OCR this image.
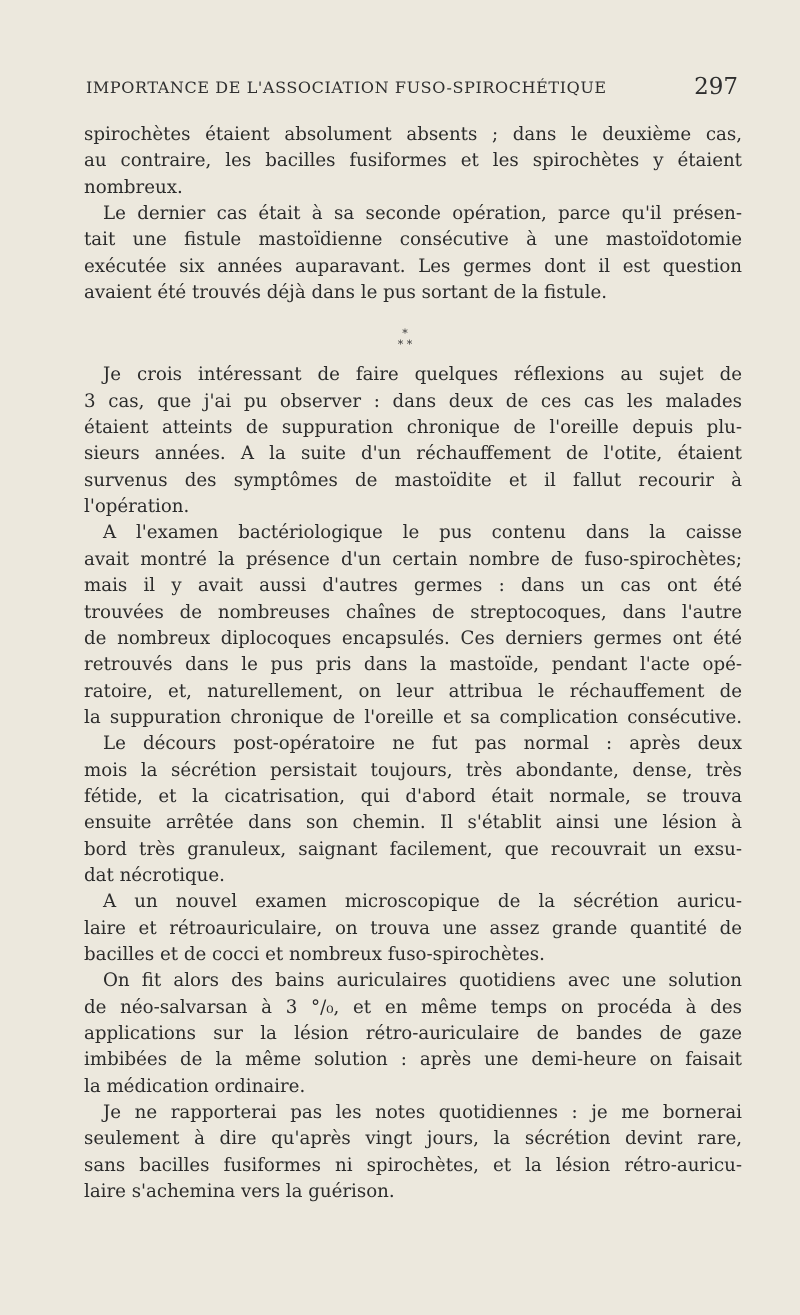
IMPORTANCE DE L'ASSOCIATION FUSO-SPIROCHÉTIQUE	297
spirochètes étaient absolument absents ; dans le deuxième cas,
au contraire, les bacilles fusiformes et les spirochètes y étaient
nombreux.
Le dernier cas était à sa seconde opération, parce qu'il présen-
tait une fistule mastoïdienne consécutive à une mastoïdotomie
exécutée six années auparavant. Les germes dont il est question
avaient été trouvés déjà dans le pus sortant de la fistule.
*
* *
Je crois intéressant de faire quelques réflexions au sujet de
3 cas, que j'ai pu observer : dans deux de ces cas les malades
étaient atteints de suppuration chronique de l'oreille depuis plu-
sieurs années. A la suite d'un réchauffement de l'otite, étaient
survenus des symptômes de mastoïdite et il fallut recourir à
l'opération.
A l'examen bactériologique le pus contenu dans la caisse
avait montré la présence d'un certain nombre de fuso-spirochètes;
mais il y avait aussi d'autres germes : dans un cas ont été
trouvées de nombreuses chaînes de streptocoques, dans l'autre
de nombreux diplocoques encapsulés. Ces derniers germes ont été
retrouvés dans le pus pris dans la mastoïde, pendant l'acte opé-
ratoire, et, naturellement, on leur attribua le réchauffement de
la suppuration chronique de l'oreille et sa complication consécutive.
Le décours post-opératoire ne fut pas normal : après deux
mois la sécrétion persistait toujours, très abondante, dense, très
fétide, et la cicatrisation, qui d'abord était normale, se trouva
ensuite arrêtée dans son chemin. Il s'établit ainsi une lésion à
bord très granuleux, saignant facilement, que recouvrait un exsu-
dat nécrotique.
A un nouvel examen microscopique de la sécrétion auricu-
laire et rétroauriculaire, on trouva une assez grande quantité de
bacilles et de cocci et nombreux fuso-spirochètes.
On fit alors des bains auriculaires quotidiens avec une solution
de néo-salvarsan à 3 °/₀, et en même temps on procéda à des
applications sur la lésion rétro-auriculaire de bandes de gaze
imbibées de la même solution : après une demi-heure on faisait
la médication ordinaire.
Je ne rapporterai pas les notes quotidiennes : je me bornerai
seulement à dire qu'après vingt jours, la sécrétion devint rare,
sans bacilles fusiformes ni spirochètes, et la lésion rétro-auricu-
laire s'achemina vers la guérison.
